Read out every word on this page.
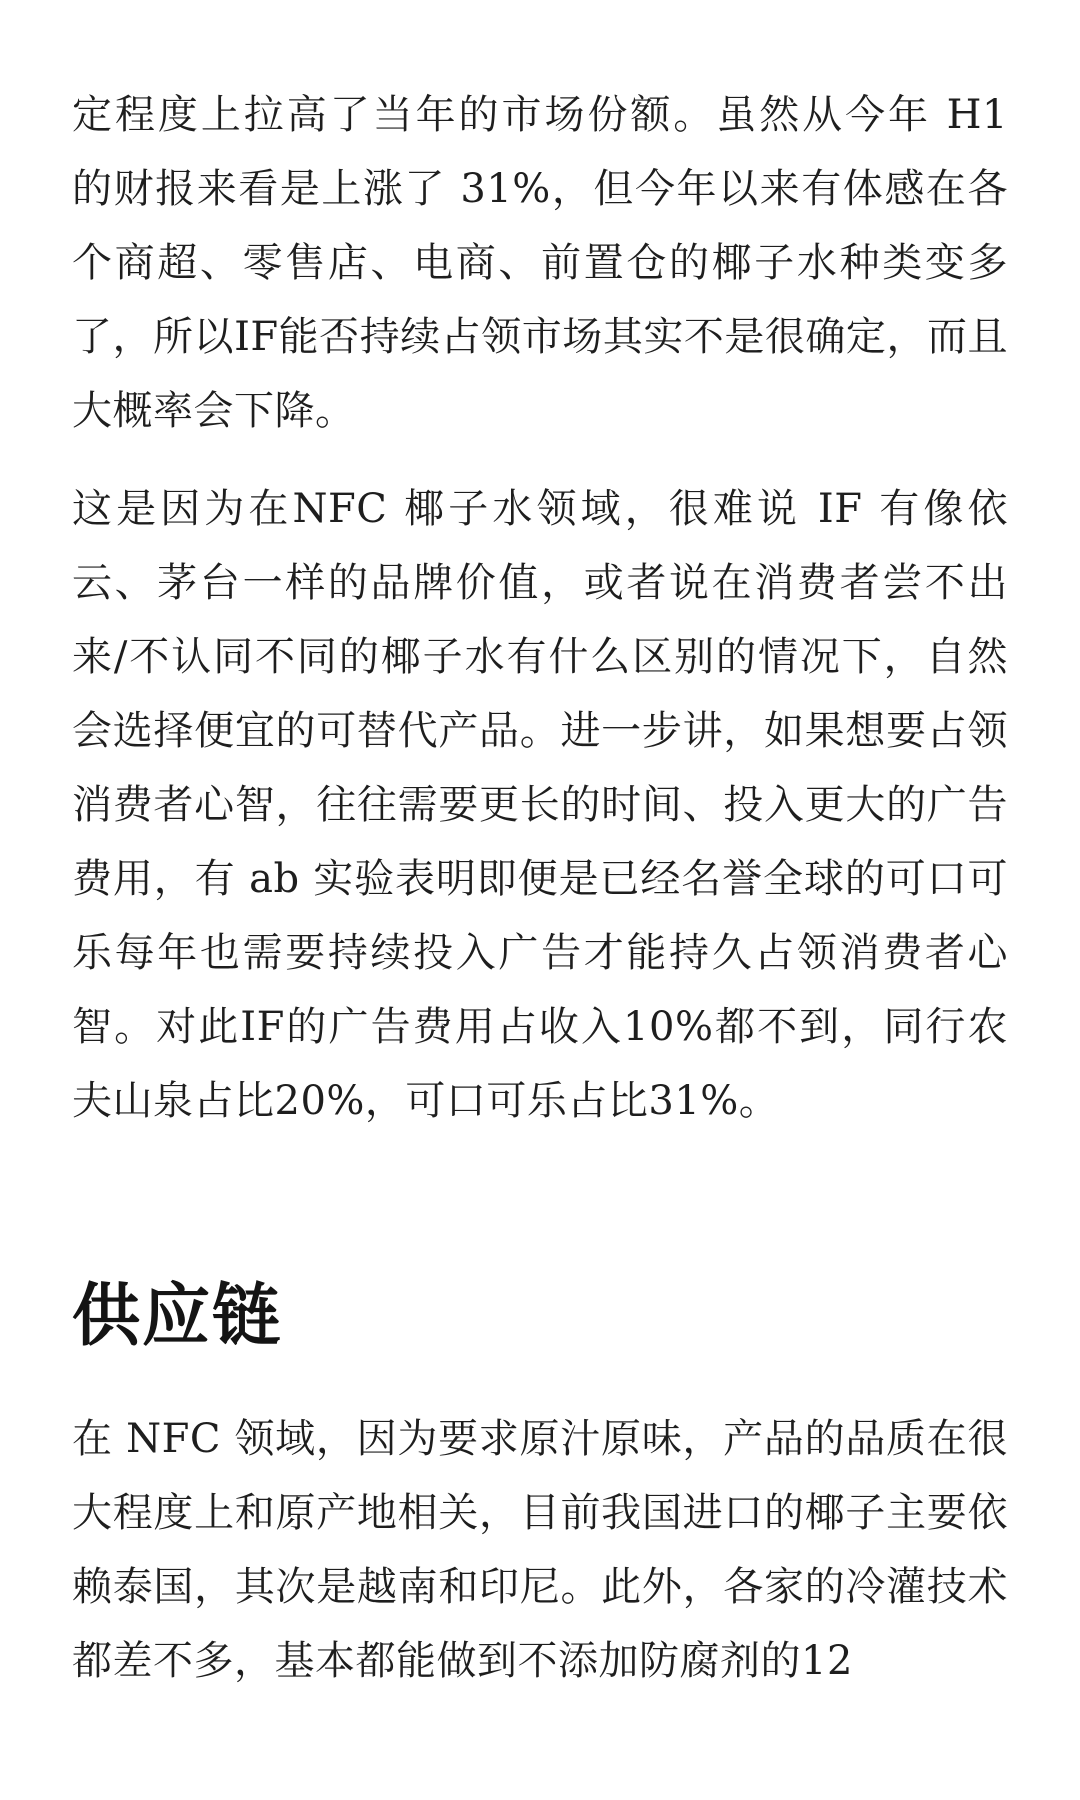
定程度上拉高了当年的市场份额。虽然从今年 H1 的财报来看是上涨了 31%，但今年以来有体感在各个商超、零售店、电商、前置仓的椰子水种类变多了，所以IF能否持续占领市场其实不是很确定，而且大概率会下降。

这是因为在NFC 椰子水领域，很难说 IF 有像依云、茅台一样的品牌价值，或者说在消费者尝不出来/不认同不同的椰子水有什么区别的情况下，自然会选择便宜的可替代产品。进一步讲，如果想要占领消费者心智，往往需要更长的时间、投入更大的广告费用，有 ab 实验表明即便是已经名誉全球的可口可乐每年也需要持续投入广告才能持久占领消费者心智。对此IF的广告费用占收入10%都不到，同行农夫山泉占比20%，可口可乐占比31%。

供应链

在 NFC 领域，因为要求原汁原味，产品的品质在很大程度上和原产地相关，目前我国进口的椰子主要依赖泰国，其次是越南和印尼。此外，各家的冷灌技术都差不多，基本都能做到不添加防腐剂的12
